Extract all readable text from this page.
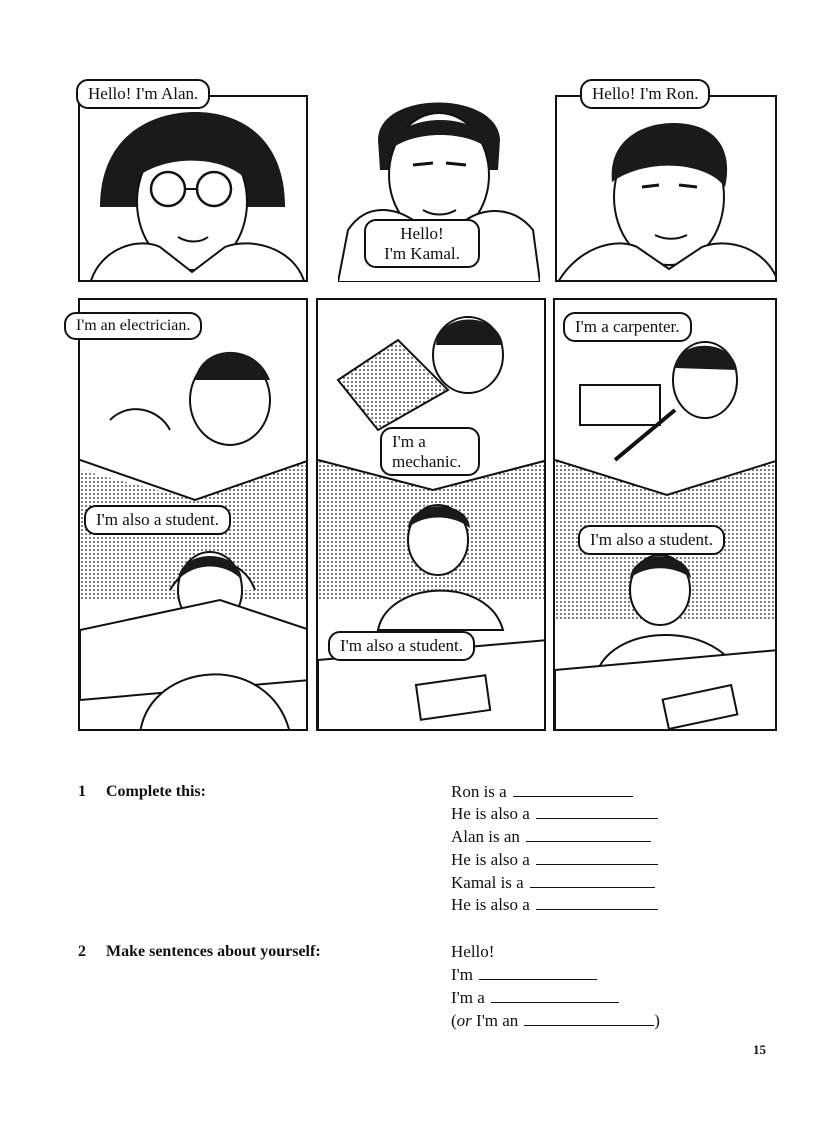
Hello! I'm Alan.
Hello!
I'm Kamal.
Hello! I'm Ron.
I'm an electrician.
I'm a
mechanic.
I'm a carpenter.
I'm also a student.
I'm also a student.
I'm also a student.
1 Complete this:	Ron is a
He is also a
Alan is an
He is also a
Kamal is a
He is also a
2 Make sentences about yourself:	Hello!
I'm
I'm a
(or I'm an	)
15
